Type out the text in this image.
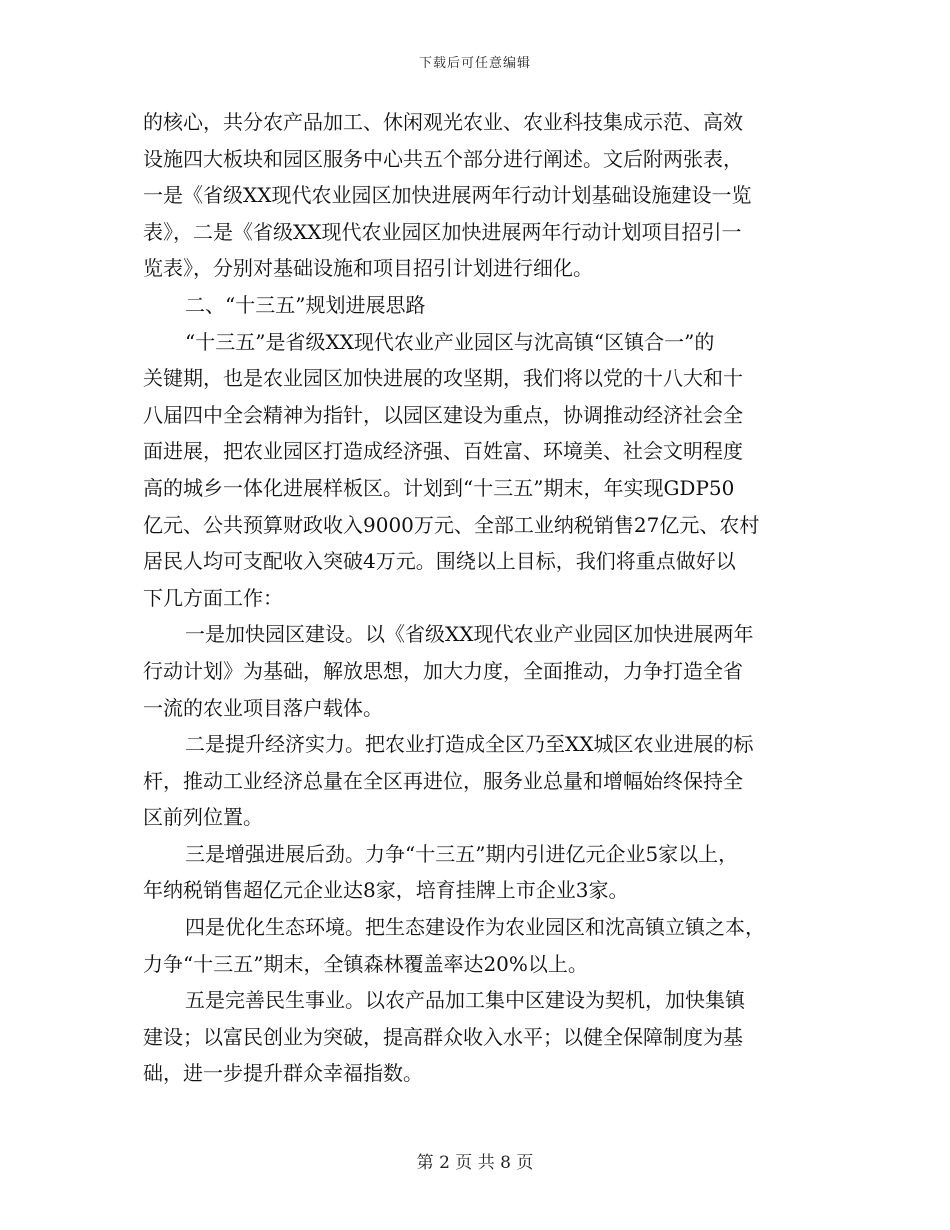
下载后可任意编辑
的核心，共分农产品加工、休闲观光农业、农业科技集成示范、高效
设施四大板块和园区服务中心共五个部分进行阐述。文后附两张表，
一是《省级XX现代农业园区加快进展两年行动计划基础设施建设一览
表》，二是《省级XX现代农业园区加快进展两年行动计划项目招引一
览表》，分别对基础设施和项目招引计划进行细化。
二、“十三五”规划进展思路
“十三五”是省级XX现代农业产业园区与沈高镇“区镇合一”的
关键期，也是农业园区加快进展的攻坚期，我们将以党的十八大和十
八届四中全会精神为指针，以园区建设为重点，协调推动经济社会全
面进展，把农业园区打造成经济强、百姓富、环境美、社会文明程度
高的城乡一体化进展样板区。计划到“十三五”期末，年实现GDP50
亿元、公共预算财政收入9000万元、全部工业纳税销售27亿元、农村
居民人均可支配收入突破4万元。围绕以上目标，我们将重点做好以
下几方面工作：
一是加快园区建设。以《省级XX现代农业产业园区加快进展两年
行动计划》为基础，解放思想，加大力度，全面推动，力争打造全省
一流的农业项目落户载体。
二是提升经济实力。把农业打造成全区乃至XX城区农业进展的标
杆，推动工业经济总量在全区再进位，服务业总量和增幅始终保持全
区前列位置。
三是增强进展后劲。力争“十三五”期内引进亿元企业5家以上，
年纳税销售超亿元企业达8家，培育挂牌上市企业3家。
四是优化生态环境。把生态建设作为农业园区和沈高镇立镇之本，
力争“十三五”期末，全镇森林覆盖率达20%以上。
五是完善民生事业。以农产品加工集中区建设为契机，加快集镇
建设；以富民创业为突破，提高群众收入水平；以健全保障制度为基
础，进一步提升群众幸福指数。
第 2 页 共 8 页
